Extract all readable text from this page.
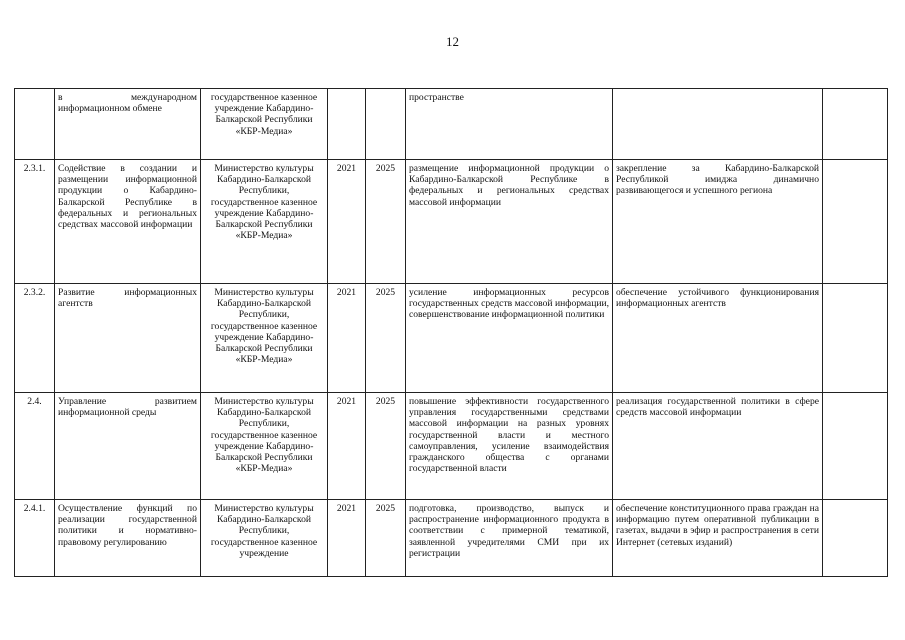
12
	в международном информационном обмене	государственное казенное учреждение Кабардино-Балкарской Республики «КБР-Медиа»			пространстве		
2.3.1.	Содействие в создании и размещении информационной продукции о Кабардино-Балкарской Республике в федеральных и региональных средствах массовой информации	Министерство культуры Кабардино-Балкарской Республики, государственное казенное учреждение Кабардино-Балкарской Республики «КБР-Медиа»	2021	2025	размещение информационной продукции о Кабардино-Балкарской Республике в федеральных и региональных средствах массовой информации	закрепление за Кабардино-Балкарской Республикой имиджа динамично развивающегося и успешного региона	
2.3.2.	Развитие информационных агентств	Министерство культуры Кабардино-Балкарской Республики, государственное казенное учреждение Кабардино-Балкарской Республики «КБР-Медиа»	2021	2025	усиление информационных ресурсов государственных средств массовой информации, совершенствование информационной политики	обеспечение устойчивого функционирования информационных агентств	
2.4.	Управление развитием информационной среды	Министерство культуры Кабардино-Балкарской Республики, государственное казенное учреждение Кабардино-Балкарской Республики «КБР-Медиа»	2021	2025	повышение эффективности государственного управления государственными средствами массовой информации на разных уровнях государственной власти и местного самоуправления, усиление взаимодействия гражданского общества с органами государственной власти	реализация государственной политики в сфере средств массовой информации	
2.4.1.	Осуществление функций по реализации государственной политики и нормативно-правовому регулированию	Министерство культуры Кабардино-Балкарской Республики, государственное казенное учреждение	2021	2025	подготовка, производство, выпуск и распространение информационного продукта в соответствии с примерной тематикой, заявленной учредителями СМИ при их регистрации	обеспечение конституционного права граждан на информацию путем оперативной публикации в газетах, выдачи в эфир и распространения в сети Интернет (сетевых изданий)	
